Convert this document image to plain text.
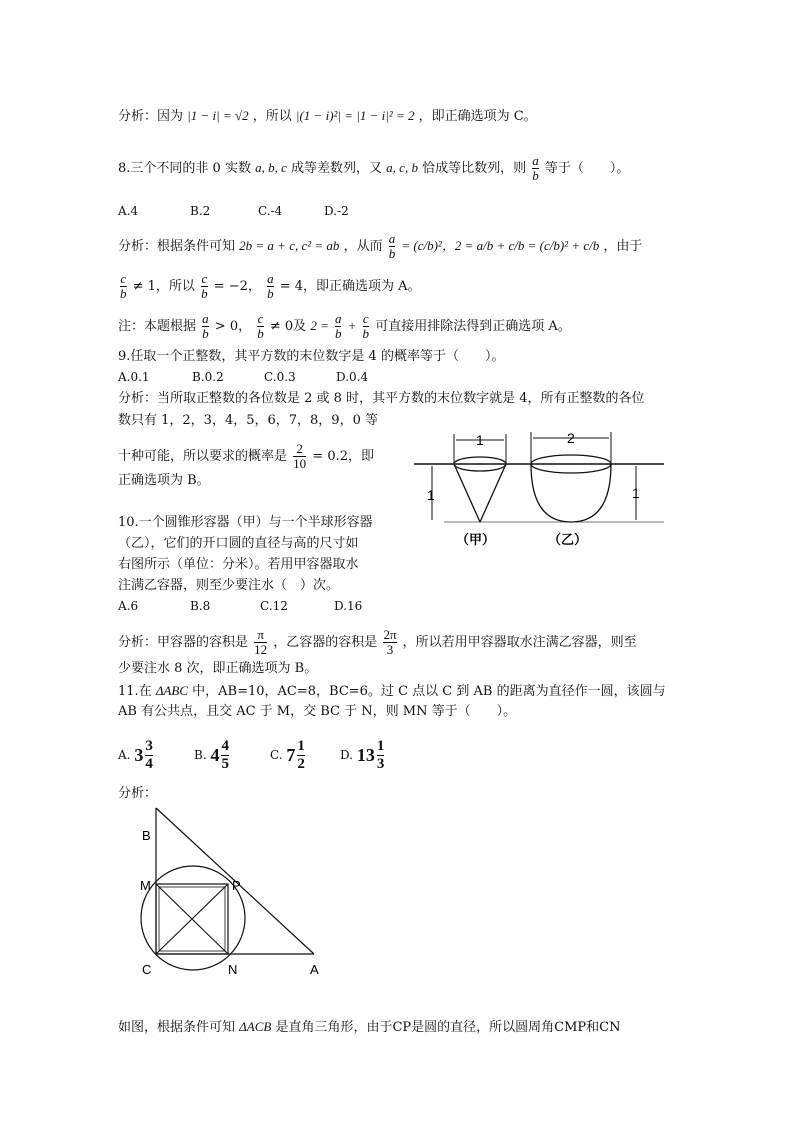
分析：因为 |1 − i| = √2 ，所以 |(1 − i)²| = |1 − i|² = 2 ，即正确选项为 C。
8.三个不同的非 0 实数 a, b, c 成等差数列，又 a, c, b 恰成等比数列，则 $\frac{a}{b}$ 等于（　　）。
A.4	B.2	C.-4	D.-2
分析：根据条件可知 2b = a + c, c² = ab ，从而 $\frac{a}{b} = (c/b)^2$，2 = a/b + c/b = (c/b)² + c/b ，由于
$\frac{c}{b} \ne 1$，所以 $\frac{c}{b} = -2$， $\frac{a}{b} = 4$，即正确选项为 A。
注：本题根据 $\frac{a}{b} > 0$， $\frac{c}{b} \ne 0$及 $2 = \frac{a}{b} + \frac{c}{b}$ 可直接用排除法得到正确选项 A。
9.任取一个正整数，其平方数的末位数字是 4 的概率等于（　　）。
A.0.1	B.0.2	C.0.3	D.0.4
分析：当所取正整数的各位数是 2 或 8 时，其平方数的末位数字就是 4，所有正整数的各位
数只有 1，2，3，4，5，6，7，8，9，0 等
十种可能，所以要求的概率是 $\frac{2}{10} = 0.2$，即
正确选项为 B。
10.一个圆锥形容器（甲）与一个半球形容器
（乙），它们的开口圆的直径与高的尺寸如
右图所示（单位：分米）。若用甲容器取水
注满乙容器，则至少要注水（　）次。
A.6	B.8	C.12	D.16
1	2
1	1
（甲）	（乙）
分析：甲容器的容积是 $\frac{\pi}{12}$ ，乙容器的容积是 $\frac{2\pi}{3}$ ，所以若用甲容器取水注满乙容器，则至
少要注水 8 次，即正确选项为 B。
11.在 ΔABC 中，AB=10，AC=8，BC=6。过 C 点以 C 到 AB 的距离为直径作一圆，该圆与
AB 有公共点，且交 AC 于 M，交 BC 于 N，则 MN 等于（　　）。
A. $3 \frac{3}{4}$	B. $4 \frac{4}{5}$	C. $7 \frac{1}{2}$	D. $13 \frac{1}{3}$
分析：
B
M	P
C	N	A
如图，根据条件可知 ΔACB 是直角三角形，由于CP是圆的直径，所以圆周角CMP和CN
